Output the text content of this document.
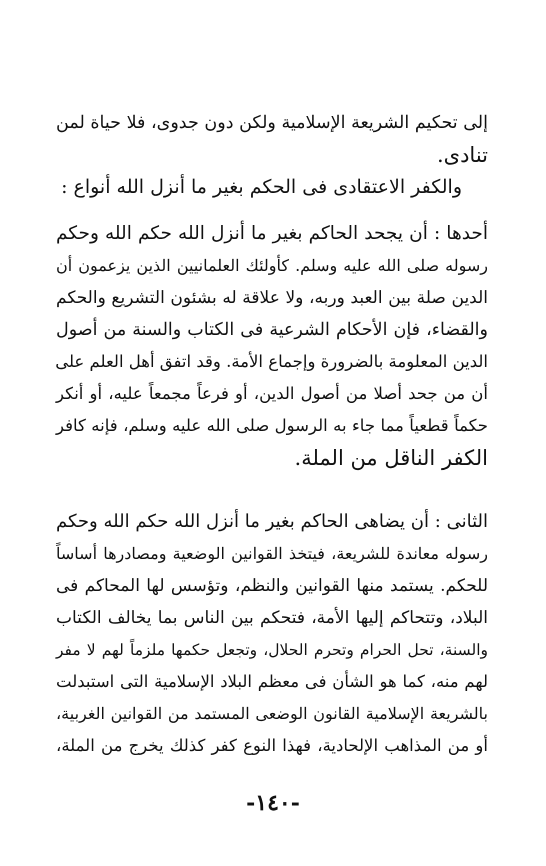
إلى تحكيم الشريعة الإسلامية ولكن دون جدوى، فلا حياة لمن
تنادى.
والكفر الاعتقادى فى الحكم بغير ما أنزل الله أنواع :
أحدها : أن يجحد الحاكم بغير ما أنزل الله حكم الله وحكم
رسوله صلى الله عليه وسلم. كأولئك العلمانيين الذين يزعمون أن
الدين صلة بين العبد وربه، ولا علاقة له بشئون التشريع والحكم
والقضاء، فإن الأحكام الشرعية فى الكتاب والسنة من أصول
الدين المعلومة بالضرورة وإجماع الأمة. وقد اتفق أهل العلم على
أن من جحد أصلا من أصول الدين، أو فرعاً مجمعاً عليه، أو أنكر
حكماً قطعياً مما جاء به الرسول صلى الله عليه وسلم، فإنه كافر
الكفر الناقل من الملة.
الثانى : أن يضاهى الحاكم بغير ما أنزل الله حكم الله وحكم
رسوله معاندة للشريعة، فيتخذ القوانين الوضعية ومصادرها أساساً
للحكم. يستمد منها القوانين والنظم، وتؤسس لها المحاكم فى
البلاد، وتتحاكم إليها الأمة، فتحكم بين الناس بما يخالف الكتاب
والسنة، تحل الحرام وتحرم الحلال، وتجعل حكمها ملزماً لهم لا مفر
لهم منه، كما هو الشأن فى معظم البلاد الإسلامية التى استبدلت
بالشريعة الإسلامية القانون الوضعى المستمد من القوانين الغربية،
أو من المذاهب الإلحادية، فهذا النوع كفر كذلك يخرج من الملة،
-١٤٠-
